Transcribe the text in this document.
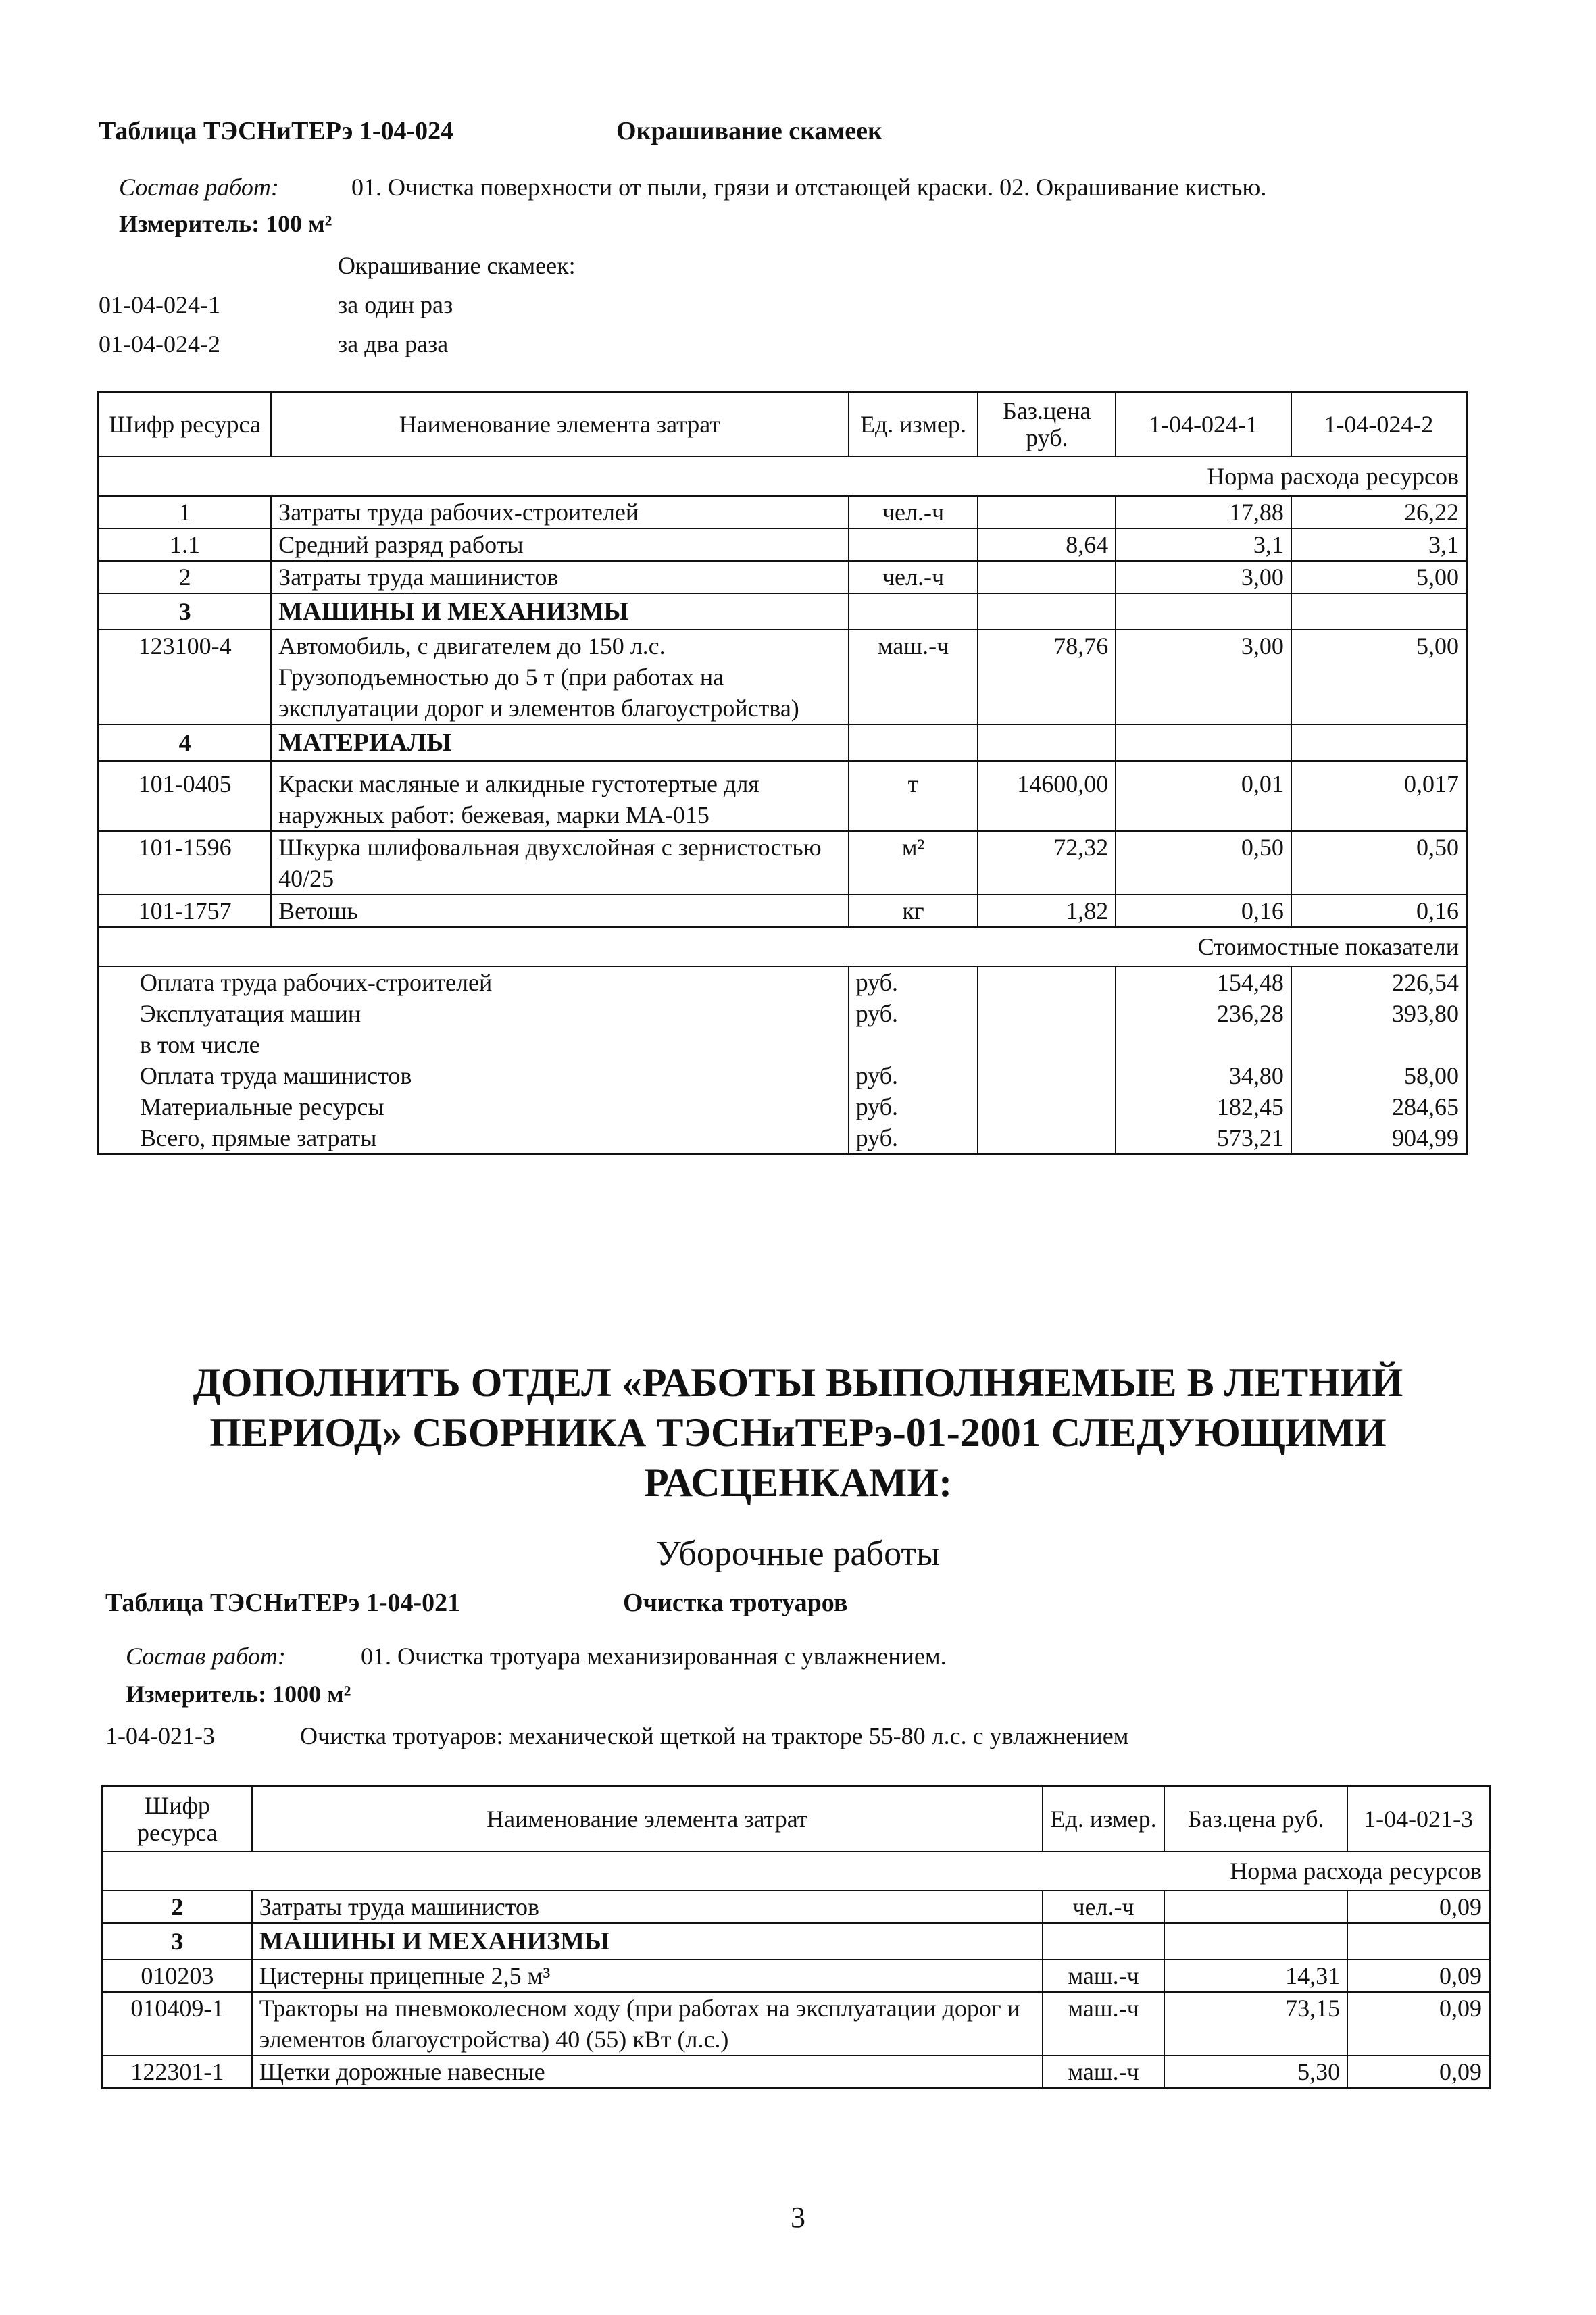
Таблица ТЭСНиТЕРэ 1-04-024	Окрашивание скамеек
Состав работ:	01. Очистка поверхности от пыли, грязи и отстающей краски. 02. Окрашивание кистью.
Измеритель: 100 м²
Окрашивание скамеек:
01-04-024-1	за один раз
01-04-024-2	за два раза
Шифр ресурса	Наименование элемента затрат	Ед. измер.	Баз.цена руб.	1-04-024-1	1-04-024-2
Норма расхода ресурсов					
1	Затраты труда рабочих-строителей	чел.-ч		17,88	26,22
1.1	Средний разряд работы		8,64	3,1	3,1
2	Затраты труда машинистов	чел.-ч		3,00	5,00
3	МАШИНЫ И МЕХАНИЗМЫ				
123100-4	Автомобиль, с двигателем до 150 л.с. Грузоподъемностью до 5 т (при работах на эксплуатации дорог и элементов благоустройства)	маш.-ч	78,76	3,00	5,00
4	МАТЕРИАЛЫ				
101-0405	Краски масляные и алкидные густотертые для наружных работ: бежевая, марки МА-015	т	14600,00	0,01	0,017
101-1596	Шкурка шлифовальная двухслойная с зернистостью 40/25	м²	72,32	0,50	0,50
101-1757	Ветошь	кг	1,82	0,16	0,16
Стоимостные показатели					
Оплата труда рабочих-строителей		руб.		154,48	226,54
Эксплуатация машин		руб.		236,28	393,80
в том числе					
Оплата труда машинистов		руб.		34,80	58,00
Материальные ресурсы		руб.		182,45	284,65
Всего, прямые затраты		руб.		573,21	904,99
ДОПОЛНИТЬ ОТДЕЛ «РАБОТЫ ВЫПОЛНЯЕМЫЕ В ЛЕТНИЙ
ПЕРИОД» СБОРНИКА ТЭСНиТЕРэ-01-2001 СЛЕДУЮЩИМИ
РАСЦЕНКАМИ:
Уборочные работы
Таблица ТЭСНиТЕРэ 1-04-021	Очистка тротуаров
Состав работ:	01. Очистка тротуара механизированная с увлажнением.
Измеритель: 1000 м²
1-04-021-3	Очистка тротуаров: механической щеткой на тракторе 55-80 л.с. с увлажнением
Шифр ресурса	Наименование элемента затрат	Ед. измер.	Баз.цена руб.	1-04-021-3
Норма расхода ресурсов				
2	Затраты труда машинистов	чел.-ч		0,09
3	МАШИНЫ И МЕХАНИЗМЫ			
010203	Цистерны прицепные 2,5 м³	маш.-ч	14,31	0,09
010409-1	Тракторы на пневмоколесном ходу (при работах на эксплуатации дорог и элементов благоустройства) 40 (55) кВт (л.с.)	маш.-ч	73,15	0,09
122301-1	Щетки дорожные навесные	маш.-ч	5,30	0,09
3
